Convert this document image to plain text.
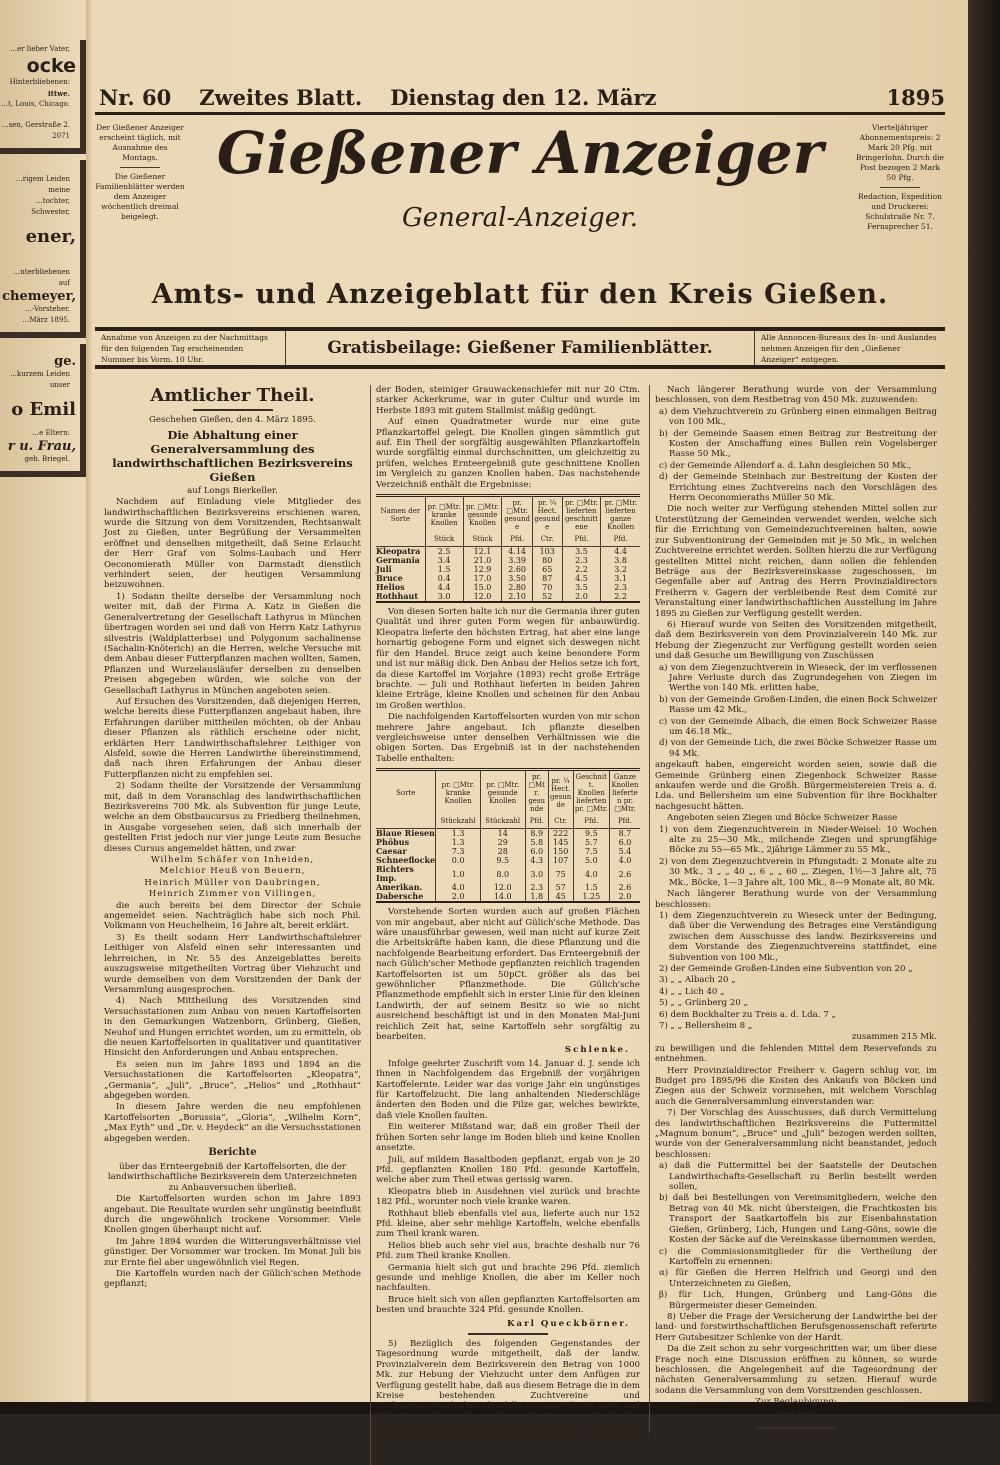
…er lieber Vater,
ocke
Hinterbliebenen:
ittwe.
…t, Louis, Chicago.
…sen, Gerstraße 2.
2071
…rigem Leiden meine
…tochter, Schwester,
ener,
…nterbliebenen auf
chemeyer,
…-Vorsteher.
…März 1895.
ge.
…kurzem Leiden unser
o Emil
…e Eltern:
r u. Frau,
geb. Briegel.
Nr. 60 Zweites Blatt. Dienstag den 12. März	1895
Der Gießener Anzeiger erscheint täglich, mit Ausnahme des Montags.
Die Gießener Familienblätter werden dem Anzeiger wöchentlich dreimal beigelegt.
Gießener Anzeiger
General-Anzeiger.
Vierteljähriger Abonnementspreis: 2 Mark 20 Pfg. mit Bringerlohn. Durch die Post bezogen 2 Mark 50 Pfg.
Redaction, Expedition und Druckerei: Schulstraße Nr. 7. Fernsprecher 51.
Amts- und Anzeigeblatt für den Kreis Gießen.
Annahme von Anzeigen zu der Nachmittags für den folgenden Tag erscheinenden Nummer bis Vorm. 10 Uhr.
Gratisbeilage: Gießener Familienblätter.
Alle Annoncen-Bureaux des In- und Auslandes nehmen Anzeigen für den „Gießener Anzeiger“ entgegen.
Amtlicher Theil.

Geschehen Gießen, den 4. März 1895.

Die Abhaltung einer Generalversammlung des landwirthschaftlichen Bezirksvereins Gießen

auf Longs Bierkeller.

Nachdem auf Einladung viele Mitglieder des landwirthschaftlichen Bezirksvereins erschienen waren, wurde die Sitzung von dem Vorsitzenden, Rechtsanwalt Jost zu Gießen, unter Begrüßung der Versammelten eröffnet und denselben mitgetheilt, daß Seine Erlaucht der Herr Graf von Solms-Laubach und Herr Oeconomierath Müller von Darmstadt dienstlich verhindert seien, der heutigen Versammlung beizuwohnen.

1) Sodann theilte derselbe der Versammlung noch weiter mit, daß der Firma A. Katz in Gießen die Generalvertretung der Gesellschaft Lathyrus in München übertragen worden sei und daß von Herrn Katz Lathyrus silvestris (Waldplatterbse) und Polygonum sachalinense (Sachalin-Knöterich) an die Herren, welche Versuche mit dem Anbau dieser Futterpflanzen machen wollten, Samen, Pflanzen und Wurzelausläufer derselben zu denselben Preisen abgegeben würden, wie solche von der Gesellschaft Lathyrus in München angeboten seien.

Auf Ersuchen des Vorsitzenden, daß diejenigen Herren, welche bereits diese Futterpflanzen angebaut haben, ihre Erfahrungen darüber mittheilen möchten, ob der Anbau dieser Pflanzen als räthlich erscheine oder nicht, erklärten Herr Landwirthschaftslehrer Leithiger von Alsfeld, sowie die Herren Landwirthe übereinstimmend, daß nach ihren Erfahrungen der Anbau dieser Futterpflanzen nicht zu empfehlen sei.

2) Sodann theilte der Vorsitzende der Versammlung mit, daß in dem Voranschlag des landwirthschaftlichen Bezirksvereins 700 Mk. als Subvention für junge Leute, welche an dem Obstbaucursus zu Friedberg theilnehmen, in Ausgabe vorgesehen seien, daß sich innerhalb der gestellten Frist jedoch nur vier junge Leute zum Besuche dieses Cursus angemeldet hätten, und zwar

Wilhelm Schäfer von Inheiden,

Melchior Heuß von Beuern,

Heinrich Müller von Daubringen,

Heinrich Zimmer von Villingen,

die auch bereits bei dem Director der Schule angemeldet seien. Nachträglich habe sich noch Phil. Volkmann von Heuchelheim, 16 Jahre alt, bereit erklärt.

3) Es theilt sodann Herr Landwirthschaftslehrer Leithiger von Alsfeld einen sehr interessanten und lehrreichen, in Nr. 55 des Anzeigeblattes bereits auszugsweise mitgetheilten Vortrag über Viehzucht und wurde demselben von dem Vorsitzenden der Dank der Versammlung ausgesprochen.

4) Nach Mittheilung des Vorsitzenden sind Versuchsstationen zum Anbau von neuen Kartoffelsorten in den Gemarkungen Watzenborn, Grünberg, Gießen, Neuhof und Hungen errichtet worden, um zu ermitteln, ob die neuen Kartoffelsorten in qualitativer und quantitativer Hinsicht den Anforderungen und Anbau entsprechen.

Es seien nun im Jahre 1893 und 1894 an die Versuchsstationen die Kartoffelsorten „Kleopatra“, „Germania“, „Juli“, „Bruce“, „Helios“ und „Rothhaut“ abgegeben worden.

In diesem Jahre werden die neu empfohlenen Kartoffelsorten „Borussia“, „Gloria“, „Wilhelm Korn“, „Max Eyth“ und „Dr. v. Heydeck“ an die Versuchsstationen abgegeben werden.

Berichte

über das Ernteergebniß der Kartoffelsorten, die der landwirthschaftliche Bezirksverein dem Unterzeichneten zu Anbauversuchen überließ.

Die Kartoffelsorten wurden schon im Jahre 1893 angebaut. Die Resultate wurden sehr ungünstig beeinflußt durch die ungewöhnlich trockene Vorsommer. Viele Knollen gingen überhaupt nicht auf.

Im Jahre 1894 wurden die Witterungsverhältnisse viel günstiger. Der Vorsommer war trocken. Im Monat Juli bis zur Ernte fiel aber ungewöhnlich viel Regen.

Die Kartoffeln wurden nach der Gülich'schen Methode gepflanzt;

der Boden, steiniger Grauwackenschiefer mit nur 20 Ctm. starker Ackerkrume, war in guter Cultur und wurde im Herbste 1893 mit gutem Stallmist mäßig gedüngt.

Auf einen Quadratmeter wurde nur eine gute Pflanzkartoffel gelegt. Die Knollen gingen sämmtlich gut auf. Ein Theil der sorgfältig ausgewählten Pflanzkartoffeln wurde sorgfältig einmal durchschnitten, um gleichzeitig zu prüfen, welches Ernteergebniß gute geschnittene Knollen im Vergleich zu ganzen Knollen haben. Das nachstehende Verzeichniß enthält die Ergebnisse:

Namen der Sorte	pr. □Mtr. kranke Knollen	pr. □Mtr. gesunde Knollen	pr. □Mtr. gesunde	pr. ¼ Hect. gesunde	pr. □Mtr. lieferten geschnittene	pr. □Mtr. lieferten ganze Knollen
	Stück	Stück	Pfd.	Ctr.	Pfd.	Pfd.
Kleopatra	2.5	12.1	4.14	103	3.5	4.4
Germania	3.4	21.0	3.39	80	2.3	3.8
Juli	1.5	12.9	2.60	65	2.2	3.2
Bruce	0.4	17.0	3.50	87	4.5	3.1
Helios	4.4	15.0	2.80	70	3.5	2.3
Rothhaut	3.0	12.0	2.10	52	2.0	2.2

Von diesen Sorten halte ich nur die Germania ihrer guten Qualität und ihrer guten Form wegen für anbauwürdig. Kleopatra lieferte den höchsten Ertrag, hat aber eine lange hornartig gebogene Form und eignet sich deswegen nicht für den Handel. Bruce zeigt auch keine besondere Form und ist nur mäßig dick. Den Anbau der Helios setze ich fort, da diese Kartoffel im Vorjahre (1893) recht große Erträge brachte. — Juli und Rothhaut lieferten in beiden Jahren kleine Erträge, kleine Knollen und scheinen für den Anbau im Großen werthlos.

Die nachfolgenden Kartoffelsorten wurden von mir schon mehrere Jahre angebaut. Ich pflanzte dieselben vergleichsweise unter denselben Verhältnissen wie die obigen Sorten. Das Ergebniß ist in der nachstehenden Tabelle enthalten:

Sorte	pr. □Mtr. kranke Knollen	pr. □Mtr. gesunde Knollen	pr. □Mtr. gesunde	pr. ¼ Hect. gesunde	Geschnitt. Knollen lieferten pr. □Mtr.	Ganze Knollen lieferten pr. □Mtr.
	Stückzahl	Stückzahl	Pfd.	Ctr.	Pfd.	Pfd.
Blaue Riesen	1.3	14	8.9	222	9.5	8.7
Phöbus	1.3	29	5.8	145	5.7	6.0
Caesar	7.3	28	6.0	150	7.5	5.4
Schneeflocke	0.0	9.5	4.3	107	5.0	4.0
Richters Imp.	1.0	8.0	3.0	75	4.0	2.6
Amerikan.	4.0	12.0	2.3	57	1.5	2.6
Dabersche	2.0	14.0	1.8	45	1.25	2.0

Vorstehende Sorten wurden auch auf großen Flächen von mir angebaut, aber nicht auf Gülich'sche Methode. Das wäre unausführbar gewesen, weil man nicht auf kurze Zeit die Arbeitskräfte haben kann, die diese Pflanzung und die nachfolgende Bearbeitung erfordert. Das Ernteergebniß der nach Gülich'scher Methode gepflanzten reichlich tragenden Kartoffelsorten ist um 50pCt. größer als das bei gewöhnlicher Pflanzmethode. Die Gülich'sche Pflanzmethode empfiehlt sich in erster Linie für den kleinen Landwirth, der auf seinem Besitz so wie so nicht ausreichend beschäftigt ist und in den Monaten Mai-Juni reichlich Zeit hat, seine Kartoffeln sehr sorgfältig zu bearbeiten.

Schlenke.

Infolge geehrter Zuschrift vom 14. Januar d. J. sende ich Ihnen in Nachfolgendem das Ergebniß der vorjährigen Kartoffelernte. Leider war das vorige Jahr ein ungünstiges für Kartoffelzucht. Die lang anhaltenden Niederschläge änderten den Boden und die Pilze gar, welches bewirkte, daß viele Knollen faulten.

Ein weiterer Mißstand war, daß ein großer Theil der frühen Sorten sehr lange im Boden blieb und keine Knollen ansetzte.

Juli, auf mildem Basaltboden gepflanzt, ergab von je 20 Pfd. gepflanzten Knollen 180 Pfd. gesunde Kartoffeln, welche aber zum Theil etwas gerissig waren.

Kleopatra blieb in Ausdehnen viel zurück und brachte 182 Pfd., worunter noch viele kranke waren.

Rothhaut blieb ebenfalls viel aus, lieferte auch nur 152 Pfd. kleine, aber sehr mehlige Kartoffeln, welche ebenfalls zum Theil krank waren.

Helios blieb auch sehr viel aus, brachte deshalb nur 76 Pfd. zum Theil kranke Knollen.

Germania hielt sich gut und brachte 296 Pfd. ziemlich gesunde und mehlige Knollen, die aber im Keller noch nachfaulten.

Bruce hielt sich von allen gepflanzten Kartoffelsorten am besten und brauchte 324 Pfd. gesunde Knollen.

Karl Queckbörner.

5) Bezüglich des folgenden Gegenstandes der Tagesordnung wurde mitgetheilt, daß der landw. Provinzialverein dem Bezirksverein den Betrag von 1000 Mk. zur Hebung der Viehzucht unter dem Anfügen zur Verfügung gestellt habe, daß aus diesem Betrage die in dem Kreise bestehenden Zuchtvereine und Zuchtgenossenschaften ebenfalls zu unterstützen seien und daß die richtige Verwendung des Betrages Ende des Rechnungsjahres unter Beifügung der Belege nachzuweisen sei. Von dem Betrage seien bereits 550 Mk. bei Gelegenheit der im Jahre 1894 abgehaltenen Viehpreisvertheilung zu Hungen zu Preisen verwendet worden.

Nach längerer Berathung wurde von der Versammlung beschlossen, von dem Restbetrag von 450 Mk. zuzuwenden:

a) dem Viehzuchtverein zu Grünberg einen einmaligen Beitrag von 100 Mk.,

b) der Gemeinde Saasen einen Beitrag zur Bestreitung der Kosten der Anschaffung eines Bullen rein Vogelsberger Rasse 50 Mk.,

c) der Gemeinde Allendorf a. d. Lahn desgleichen 50 Mk.,

d) der Gemeinde Steinbach zur Bestreitung der Kosten der Errichtung eines Zuchtvereins nach den Vorschlägen des Herrn Oeconomieraths Müller 50 Mk.

Die noch weiter zur Verfügung stehenden Mittel sollen zur Unterstützung der Gemeinden verwendet werden, welche sich für die Errichtung von Gemeindezuchtvereinen halten, sowie zur Subventionirung der Gemeinden mit je 50 Mk., in welchen Zuchtvereine errichtet werden. Sollten hierzu die zur Verfügung gestellten Mittel nicht reichen, dann sollen die fehlenden Beträge aus der Bezirksvereinskasse zugeschossen, im Gegenfalle aber auf Antrag des Herrn Provinzialdirectors Freiherrn v. Gagern der verbleibende Rest dem Comité zur Veranstaltung einer landwirthschaftlichen Ausstellung im Jahre 1895 zu Gießen zur Verfügung gestellt werden.

6) Hierauf wurde von Seiten des Vorsitzenden mitgetheilt, daß dem Bezirksverein von dem Provinzialverein 140 Mk. zur Hebung der Ziegenzucht zur Verfügung gestellt worden seien und daß Gesuche um Bewilligung von Zuschüssen

a) von dem Ziegenzuchtverein in Wieseck, der im verflossenen Jahre Verluste durch das Zugrundegehen von Ziegen im Werthe von 140 Mk. erlitten habe,

b) von der Gemeinde Großen-Linden, die einen Bock Schweizer Rasse um 42 Mk.,

c) von der Gemeinde Albach, die einen Bock Schweizer Rasse um 46.18 Mk.,

d) von der Gemeinde Lich, die zwei Böcke Schweizer Rasse um 94 Mk.

angekauft haben, eingereicht worden seien, sowie daß die Gemeinde Grünberg einen Ziegenbock Schweizer Rasse ankaufen werde und die Großh. Bürgermeistereien Treis a. d. Lda. und Bellersheim um eine Subvention für ihre Bockhalter nachgesucht hätten.

Angeboten seien Ziegen und Böcke Schweizer Rasse

1) von dem Ziegenzuchtverein in Nieder-Weisel: 10 Wochen alte zu 25—30 Mk., milchende Ziegen und sprungfähige Böcke zu 55—65 Mk., 2jährige Lämmer zu 55 Mk.,

2) von dem Ziegenzuchtverein in Pfungstadt: 2 Monate alte zu 30 Mk., 3 „ „ 40 „, 6 „ „ 60 „, Ziegen, 1½—3 Jahre alt, 75 Mk., Böcke, 1—3 Jahre alt, 100 Mk., 8—9 Monate alt, 80 Mk.

Nach längerer Berathung wurde von der Versammlung beschlossen:

1) dem Ziegenzuchtverein zu Wieseck unter der Bedingung, daß über die Verwendung des Betrages eine Verständigung zwischen dem Ausschusse des landw. Bezirksvereins und dem Vorstande des Ziegenzuchtvereins stattfindet, eine Subvention von 100 Mk.,

2) der Gemeinde Großen-Linden eine Subvention von 20 „

3) „ „ Albach 20 „

4) „ „ Lich 40 „

5) „ „ Grünberg 20 „

6) dem Bockhalter zu Treis a. d. Lda. 7 „

7) „ „ Bellersheim 8 „

zusammen 215 Mk.

zu bewilligen und die fehlenden Mittel dem Reservefonds zu entnehmen.

Herr Provinzialdirector Freiherr v. Gagern schlug vor, im Budget pro 1895/96 die Kosten des Ankaufs von Böcken und Ziegen aus der Schweiz vorzusehen, mit welchem Vorschlag auch die Generalversammlung einverstanden war.

7) Der Vorschlag des Ausschusses, daß durch Vermittelung des landwirthschaftlichen Bezirksvereins die Futtermittel „Magnum bonum“, „Bruce“ und „Juli“ bezogen werden sollten, wurde von der Generalversammlung nicht beanstandet, jedoch beschlossen:

a) daß die Futtermittel bei der Saatstelle der Deutschen Landwirthschafts-Gesellschaft zu Berlin bestellt werden sollen,

b) daß bei Bestellungen von Vereinsmitgliedern, welche den Betrag von 40 Mk. nicht übersteigen, die Frachtkosten bis Transport der Saatkartoffeln bis zur Eisenbahnstation Gießen, Grünberg, Lich, Hungen und Lang-Göns, sowie die Kosten der Säcke auf die Vereinskasse übernommen werden,

c) die Commissionsmitglieder für die Vertheilung der Kartoffeln zu ernennen:

α) für Gießen die Herren Helfrich und Georgi und den Unterzeichneten zu Gießen,

β) für Lich, Hungen, Grünberg und Lang-Göns die Bürgermeister dieser Gemeinden.

8) Ueber die Frage der Versicherung der Landwirthe bei der land- und forstwirthschaftlichen Berufsgenossenschaft referirte Herr Gutsbesitzer Schlenke von der Hardt.

Da die Zeit schon zu sehr vorgeschritten war, um über diese Frage noch eine Discussion eröffnen zu können, so wurde beschlossen, die Angelegenheit auf die Tagesordnung der nächsten Generalversammlung zu setzen. Hierauf wurde sodann die Versammlung von dem Vorsitzenden geschlossen.

Zur Beglaubigung:

Carl Jost.
